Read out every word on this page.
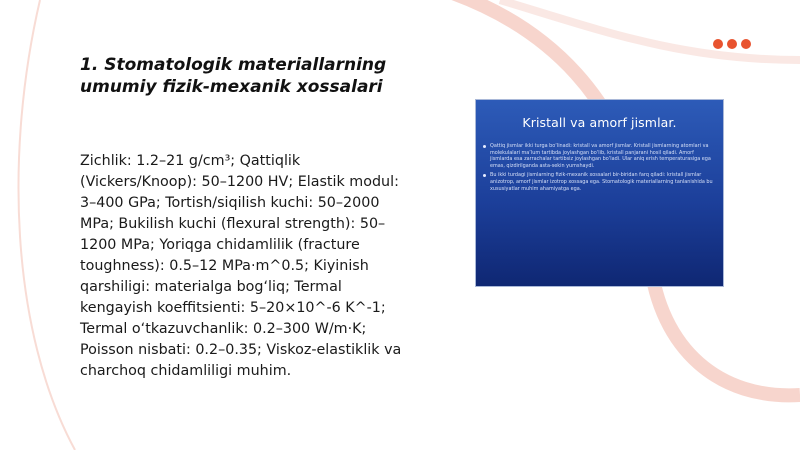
1. Stomatologik materiallarning umumiy fizik-mexanik xossalari

Zichlik: 1.2–21 g/cm³; Qattiqlik (Vickers/Knoop): 50–1200 HV; Elastik modul: 3–400 GPa; Tortish/siqilish kuchi: 50–2000 MPa; Bukilish kuchi (flexural strength): 50–1200 MPa; Yoriqga chidamlilik (fracture toughness): 0.5–12 MPa·m^0.5; Kiyinish qarshiligi: materialga bog‘liq; Termal kengayish koeffitsienti: 5–20×10^-6 K^-1; Termal o‘tkazuvchanlik: 0.2–300 W/m·K; Poisson nisbati: 0.2–0.35; Viskoz-elastiklik va charchoq chidamliligi muhim.

Kristall va amorf jismlar.
Qattiq jismlar ikki turga bo‘linadi: kristall va amorf jismlar. Kristall jismlarning atomlari va molekulalari ma’lum tartibda joylashgan bo‘lib, kristall panjarani hosil qiladi. Amorf jismlarda esa zarrachalar tartibsiz joylashgan bo‘ladi. Ular aniq erish temperaturasiga ega emas, qizdirilganda asta-sekin yumshaydi.
Bu ikki turdagi jismlarning fizik-mexanik xossalari bir-biridan farq qiladi: kristall jismlar anizotrop, amorf jismlar izotrop xossaga ega. Stomatologik materiallarning tanlanishida bu xususiyatlar muhim ahamiyatga ega.
